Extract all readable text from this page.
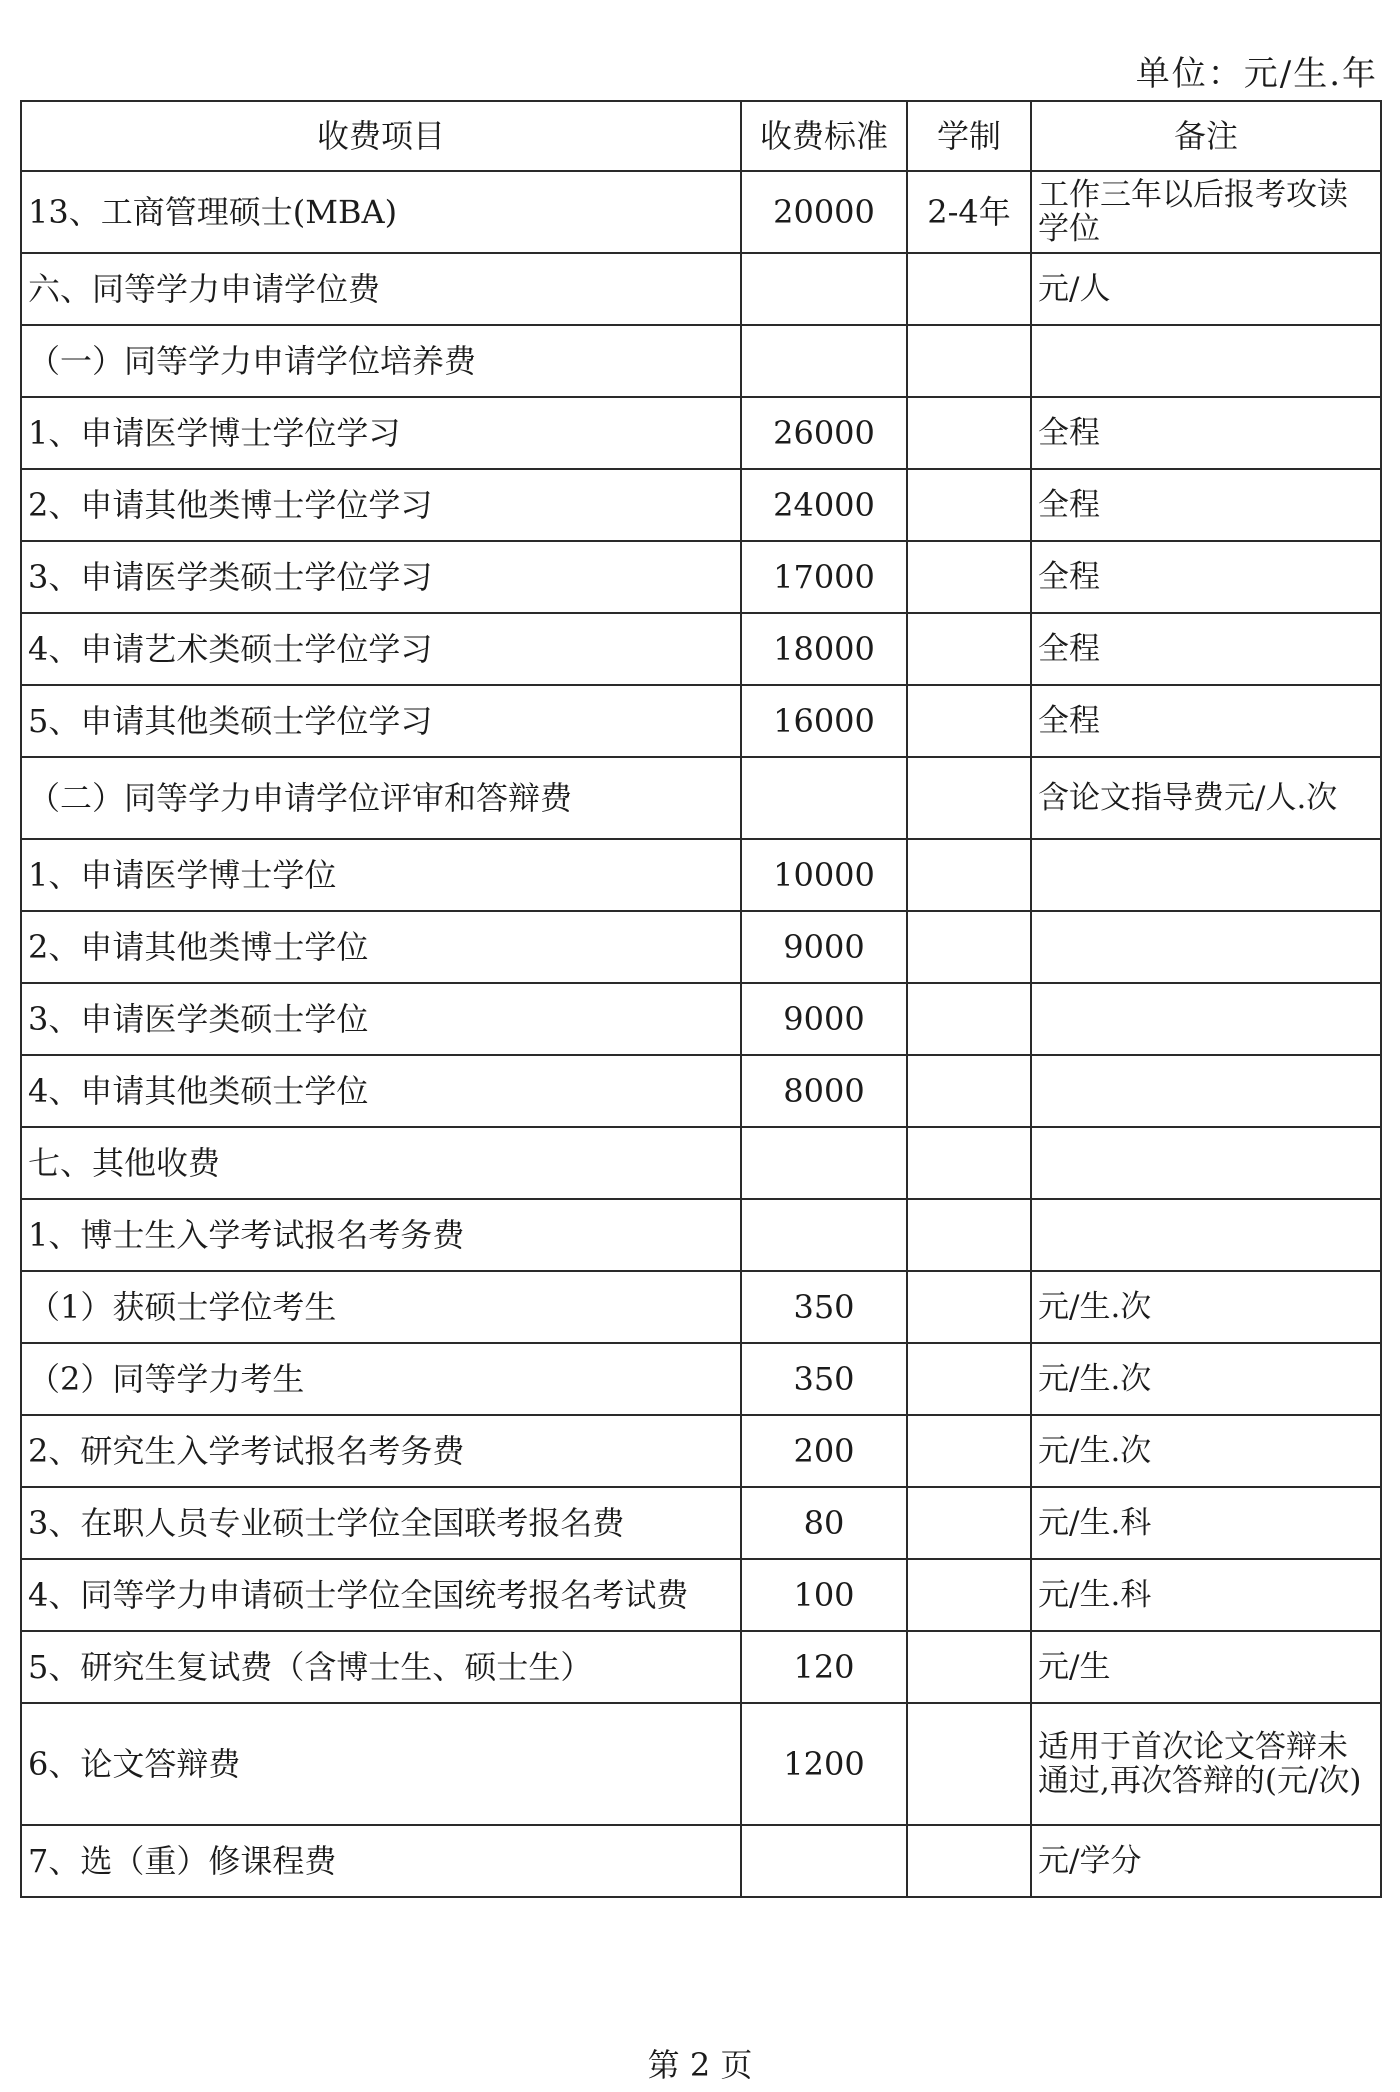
单位：元/生.年
收费项目	收费标准	学制	备注
13、工商管理硕士(MBA)	20000	2-4年	工作三年以后报考攻读学位
六、同等学力申请学位费			元/人
（一）同等学力申请学位培养费			
1、申请医学博士学位学习	26000		全程
2、申请其他类博士学位学习	24000		全程
3、申请医学类硕士学位学习	17000		全程
4、申请艺术类硕士学位学习	18000		全程
5、申请其他类硕士学位学习	16000		全程
（二）同等学力申请学位评审和答辩费			含论文指导费元/人.次
1、申请医学博士学位	10000		
2、申请其他类博士学位	9000		
3、申请医学类硕士学位	9000		
4、申请其他类硕士学位	8000		
七、其他收费			
1、博士生入学考试报名考务费			
（1）获硕士学位考生	350		元/生.次
（2）同等学力考生	350		元/生.次
2、研究生入学考试报名考务费	200		元/生.次
3、在职人员专业硕士学位全国联考报名费	80		元/生.科
4、同等学力申请硕士学位全国统考报名考试费	100		元/生.科
5、研究生复试费（含博士生、硕士生）	120		元/生
6、论文答辩费	1200		适用于首次论文答辩未通过,再次答辩的(元/次)
7、选（重）修课程费			元/学分
第 2 页
